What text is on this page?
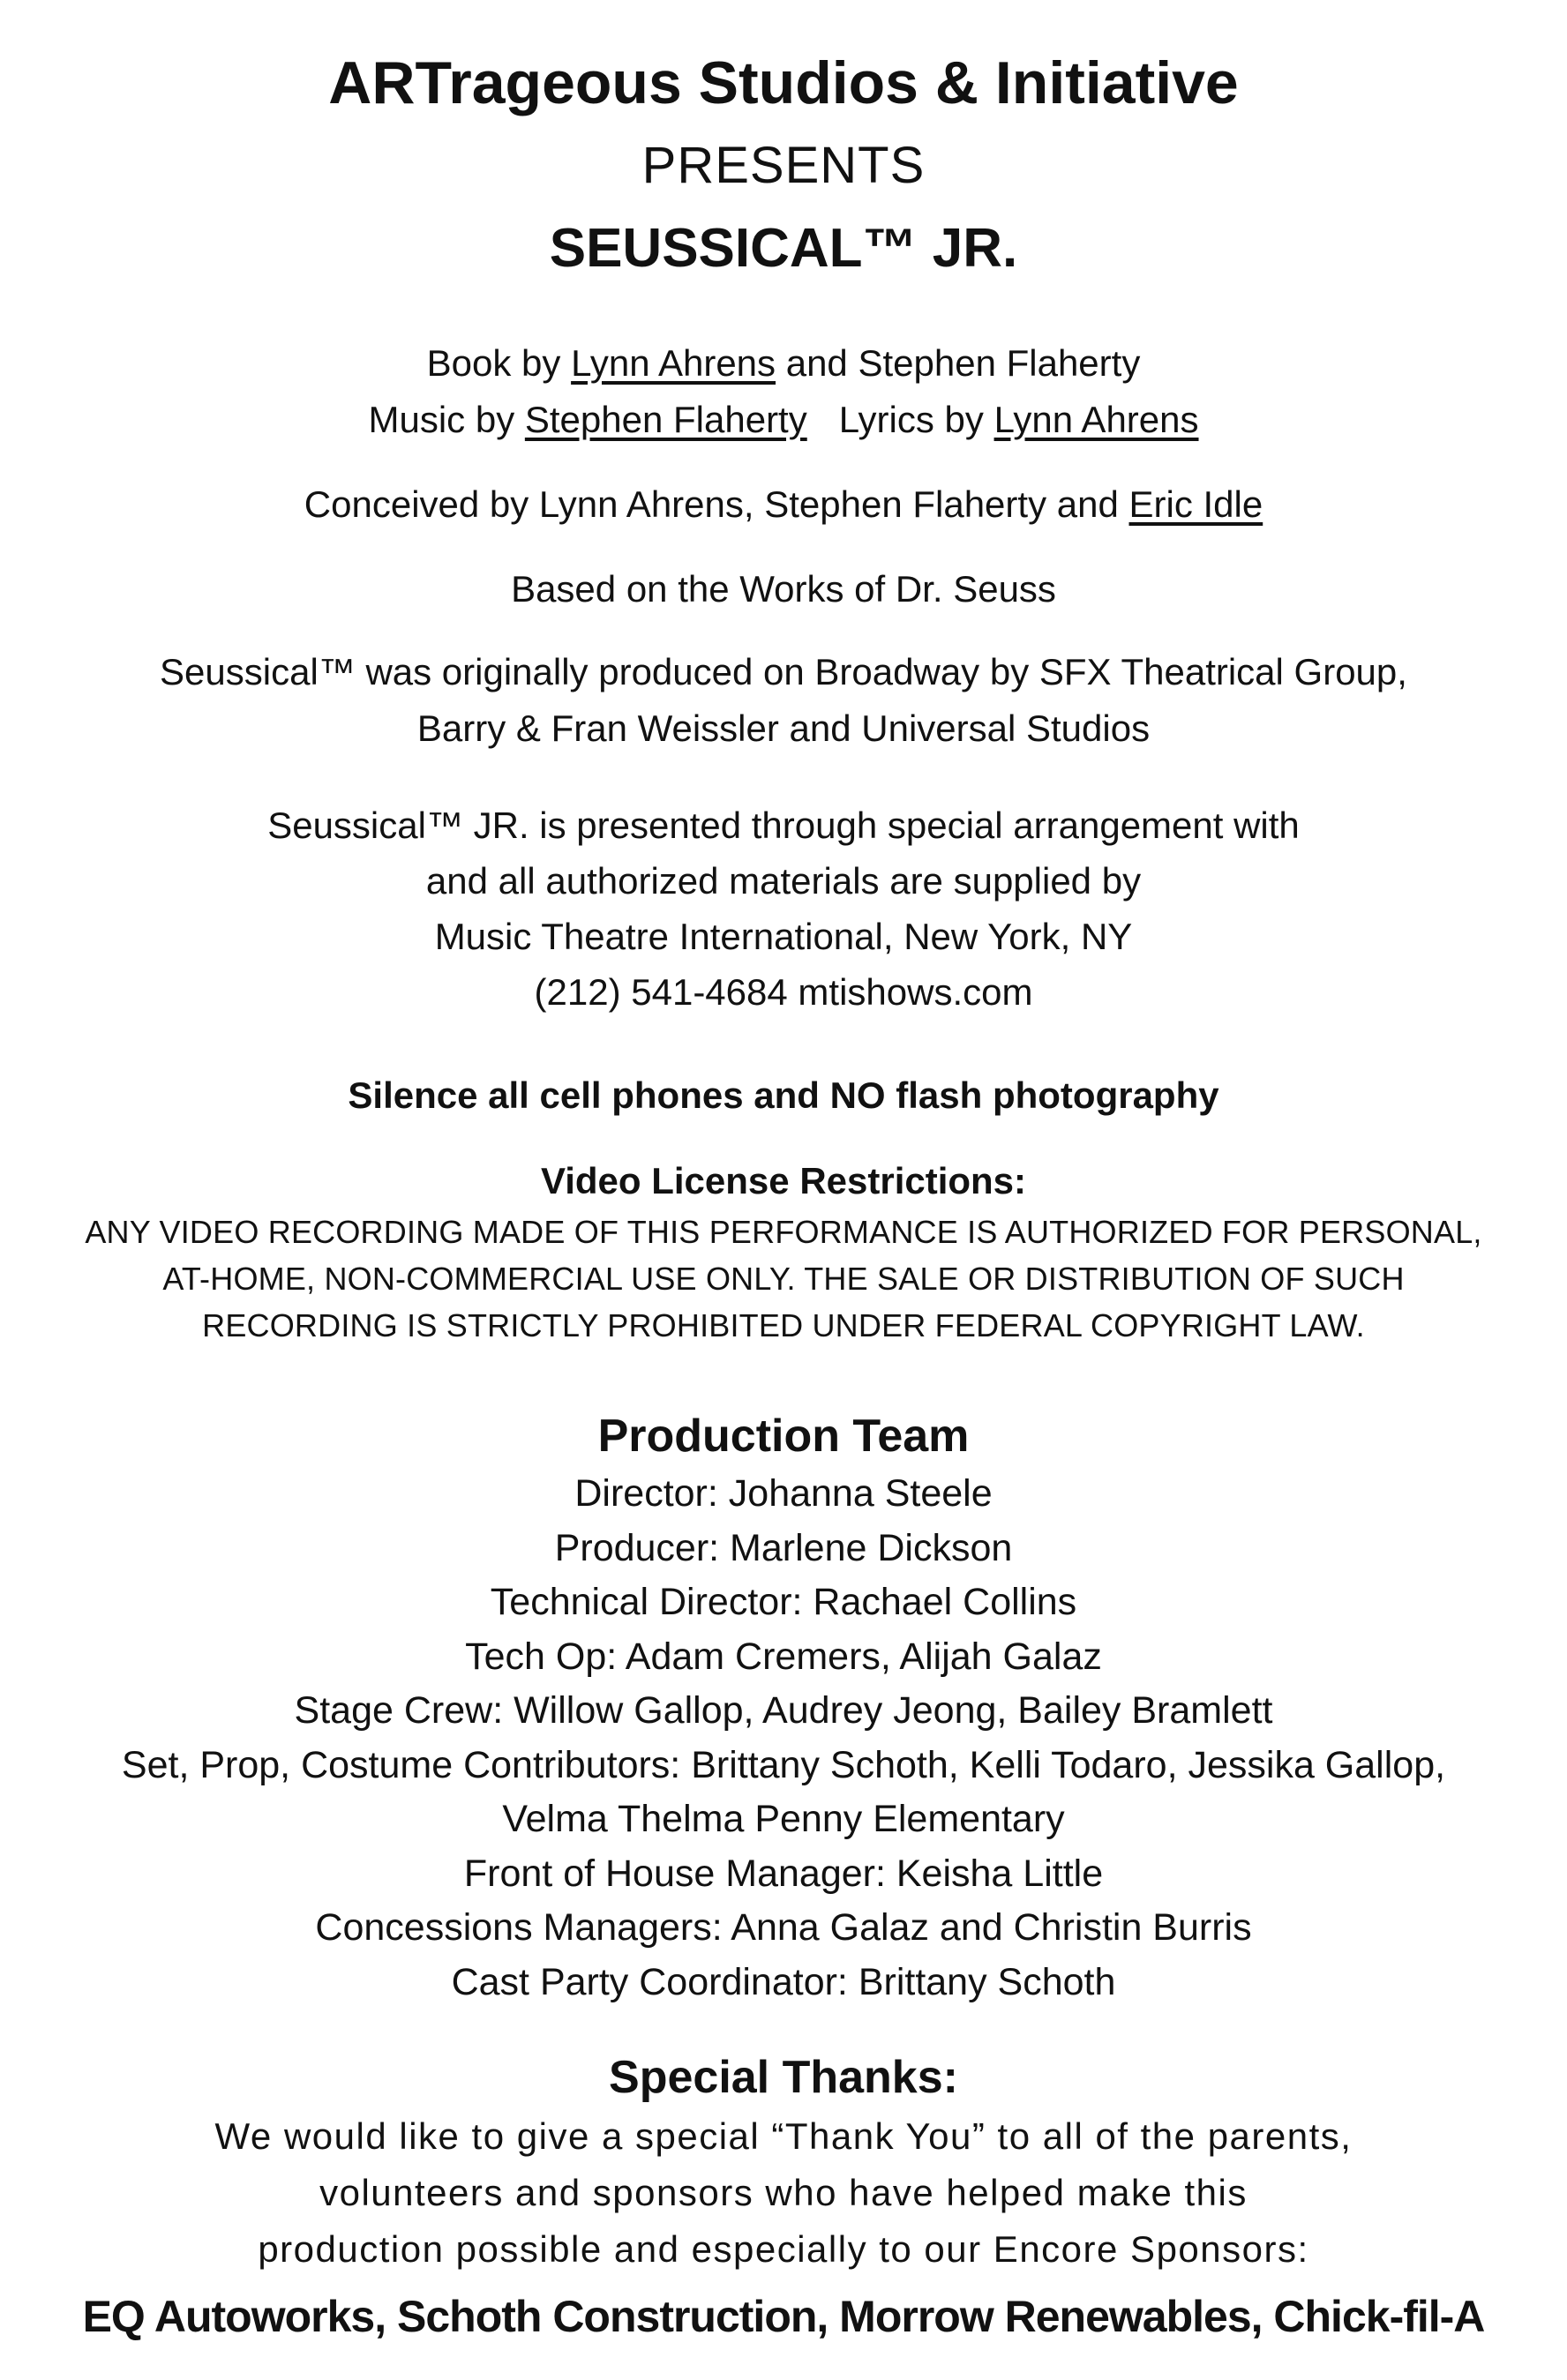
ARTrageous Studios & Initiative
PRESENTS
SEUSSICAL™ JR.
Book by Lynn Ahrens and Stephen Flaherty
Music by Stephen Flaherty Lyrics by Lynn Ahrens
Conceived by Lynn Ahrens, Stephen Flaherty and Eric Idle
Based on the Works of Dr. Seuss
Seussical™ was originally produced on Broadway by SFX Theatrical Group,
Barry & Fran Weissler and Universal Studios
Seussical™ JR. is presented through special arrangement with
and all authorized materials are supplied by
Music Theatre International, New York, NY
(212) 541-4684 mtishows.com
Silence all cell phones and NO flash photography
Video License Restrictions:
ANY VIDEO RECORDING MADE OF THIS PERFORMANCE IS AUTHORIZED FOR PERSONAL,
AT-HOME, NON-COMMERCIAL USE ONLY. THE SALE OR DISTRIBUTION OF SUCH
RECORDING IS STRICTLY PROHIBITED UNDER FEDERAL COPYRIGHT LAW.
Production Team
Director: Johanna Steele
Producer: Marlene Dickson
Technical Director: Rachael Collins
Tech Op: Adam Cremers, Alijah Galaz
Stage Crew: Willow Gallop, Audrey Jeong, Bailey Bramlett
Set, Prop, Costume Contributors: Brittany Schoth, Kelli Todaro, Jessika Gallop,
Velma Thelma Penny Elementary
Front of House Manager: Keisha Little
Concessions Managers: Anna Galaz and Christin Burris
Cast Party Coordinator: Brittany Schoth
Special Thanks:
We would like to give a special “Thank You” to all of the parents,
volunteers and sponsors who have helped make this
production possible and especially to our Encore Sponsors:
EQ Autoworks, Schoth Construction, Morrow Renewables, Chick-fil-A
